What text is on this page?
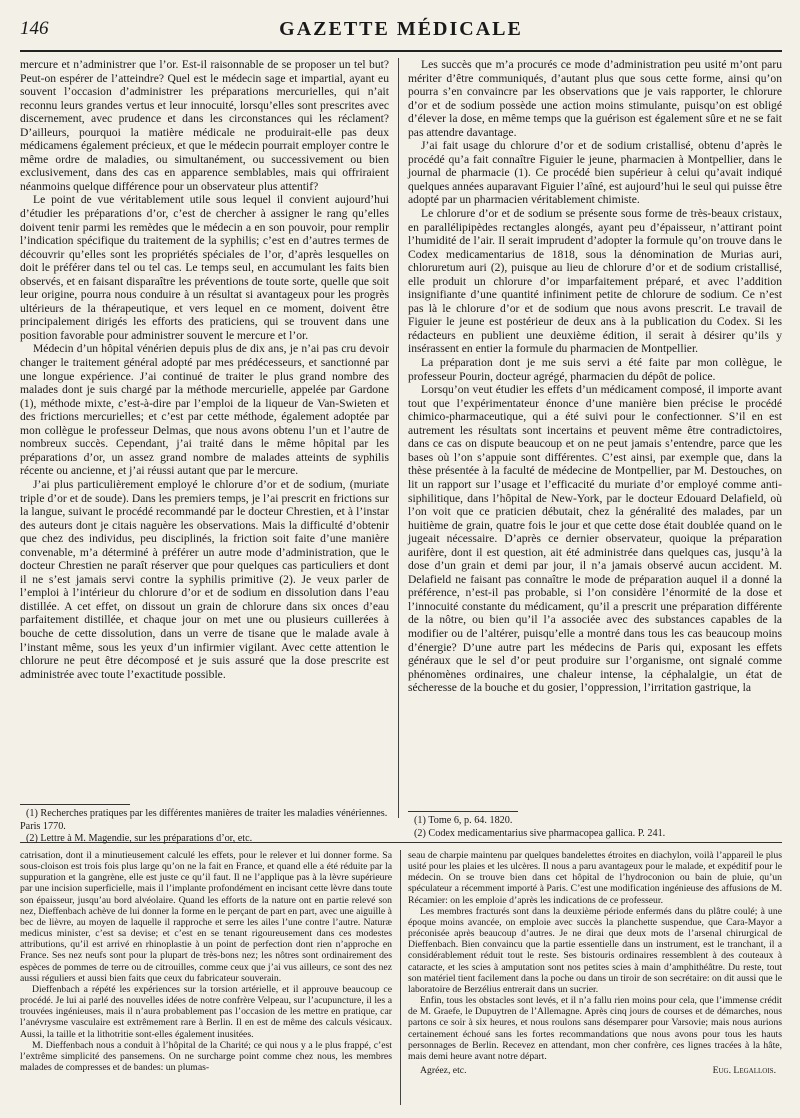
146	GAZETTE MÉDICALE

mercure et n’administrer que l’or. Est-il raisonnable de se proposer un tel but? Peut-on espérer de l’atteindre? Quel est le médecin sage et impartial, ayant eu souvent l’occasion d’administrer les préparations mercurielles, qui n’ait reconnu leurs grandes vertus et leur innocuité, lorsqu’elles sont prescrites avec discernement, avec prudence et dans les circonstances qui les réclament? D’ailleurs, pourquoi la matière médicale ne produirait-elle pas deux médicamens également précieux, et que le médecin pourrait employer contre le même ordre de maladies, ou simultanément, ou successivement ou bien exclusivement, dans des cas en apparence semblables, mais qui offriraient néanmoins quelque différence pour un observateur plus attentif?

Le point de vue véritablement utile sous lequel il convient aujourd’hui d’étudier les préparations d’or, c’est de chercher à assigner le rang qu’elles doivent tenir parmi les remèdes que le médecin a en son pouvoir, pour remplir l’indication spécifique du traitement de la syphilis; c’est en d’autres termes de découvrir qu’elles sont les propriétés spéciales de l’or, d’après lesquelles on doit le préférer dans tel ou tel cas. Le temps seul, en accumulant les faits bien observés, et en faisant disparaître les préventions de toute sorte, quelle que soit leur origine, pourra nous conduire à un résultat si avantageux pour les progrès ultérieurs de la thérapeutique, et vers lequel en ce moment, doivent être principalement dirigés les efforts des praticiens, qui se trouvent dans une position favorable pour administrer souvent le mercure et l’or.

Médecin d’un hôpital vénérien depuis plus de dix ans, je n’ai pas cru devoir changer le traitement général adopté par mes prédécesseurs, et sanctionné par une longue expérience. J’ai continué de traiter le plus grand nombre des malades dont je suis chargé par la méthode mercurielle, appelée par Gardone (1), méthode mixte, c’est-à-dire par l’emploi de la liqueur de Van-Swieten et des frictions mercurielles; et c’est par cette méthode, également adoptée par mon collègue le professeur Delmas, que nous avons obtenu l’un et l’autre de nombreux succès. Cependant, j’ai traité dans le même hôpital par les préparations d’or, un assez grand nombre de malades atteints de syphilis récente ou ancienne, et j’ai réussi autant que par le mercure.

J’ai plus particulièrement employé le chlorure d’or et de sodium, (muriate triple d’or et de soude). Dans les premiers temps, je l’ai prescrit en frictions sur la langue, suivant le procédé recommandé par le docteur Chrestien, et à l’instar des auteurs dont je citais naguère les observations. Mais la difficulté d’obtenir que chez des individus, peu disciplinés, la friction soit faite d’une manière convenable, m’a déterminé à préférer un autre mode d’administration, que le docteur Chrestien ne paraît réserver que pour quelques cas particuliers et dont il ne s’est jamais servi contre la syphilis primitive (2). Je veux parler de l’emploi à l’intérieur du chlorure d’or et de sodium en dissolution dans l’eau distillée. A cet effet, on dissout un grain de chlorure dans six onces d’eau parfaitement distillée, et chaque jour on met une ou plusieurs cuillerées à bouche de cette dissolution, dans un verre de tisane que le malade avale à l’instant même, sous les yeux d’un infirmier vigilant. Avec cette attention le chlorure ne peut être décomposé et je suis assuré que la dose prescrite est administrée avec toute l’exactitude possible.

Les succès que m’a procurés ce mode d’administration peu usité m’ont paru mériter d’être communiqués, d’autant plus que sous cette forme, ainsi qu’on pourra s’en convaincre par les observations que je vais rapporter, le chlorure d’or et de sodium possède une action moins stimulante, puisqu’on est obligé d’élever la dose, en même temps que la guérison est également sûre et ne se fait pas attendre davantage.

J’ai fait usage du chlorure d’or et de sodium cristallisé, obtenu d’après le procédé qu’a fait connaître Figuier le jeune, pharmacien à Montpellier, dans le journal de pharmacie (1). Ce procédé bien supérieur à celui qu’avait indiqué quelques années auparavant Figuier l’aîné, est aujourd’hui le seul qui puisse être adopté par un pharmacien véritablement chimiste.

Le chlorure d’or et de sodium se présente sous forme de très-beaux cristaux, en parallélipipèdes rectangles alongés, ayant peu d’épaisseur, n’attirant point l’humidité de l’air. Il serait imprudent d’adopter la formule qu’on trouve dans le Codex medicamentarius de 1818, sous la dénomination de Murias auri, chloruretum auri (2), puisque au lieu de chlorure d’or et de sodium cristallisé, elle produit un chlorure d’or imparfaitement préparé, et avec l’addition insignifiante d’une quantité infiniment petite de chlorure de sodium. Ce n’est pas là le chlorure d’or et de sodium que nous avons prescrit. Le travail de Figuier le jeune est postérieur de deux ans à la publication du Codex. Si les rédacteurs en publient une deuxième édition, il serait à désirer qu’ils y insérassent en entier la formule du pharmacien de Montpellier.

La préparation dont je me suis servi a été faite par mon collègue, le professeur Pourin, docteur agrégé, pharmacien du dépôt de police.

Lorsqu’on veut étudier les effets d’un médicament composé, il importe avant tout que l’expérimentateur énonce d’une manière bien précise le procédé chimico-pharmaceutique, qui a été suivi pour le confectionner. S’il en est autrement les résultats sont incertains et peuvent même être contradictoires, dans ce cas on dispute beaucoup et on ne peut jamais s’entendre, parce que les bases où l’on s’appuie sont différentes. C’est ainsi, par exemple que, dans la thèse présentée à la faculté de médecine de Montpellier, par M. Destouches, on lit un rapport sur l’usage et l’efficacité du muriate d’or employé comme anti-siphilitique, dans l’hôpital de New-York, par le docteur Edouard Delafield, où l’on voit que ce praticien débutait, chez la généralité des malades, par un huitième de grain, quatre fois le jour et que cette dose était doublée quand on le jugeait nécessaire. D’après ce dernier observateur, quoique la préparation aurifère, dont il est question, ait été administrée dans quelques cas, jusqu’à la dose d’un grain et demi par jour, il n’a jamais observé aucun accident. M. Delafield ne faisant pas connaître le mode de préparation auquel il a donné la préférence, n’est-il pas probable, si l’on considère l’énormité de la dose et l’innocuité constante du médicament, qu’il a prescrit une préparation différente de la nôtre, ou bien qu’il l’a associée avec des substances capables de la modifier ou de l’altérer, puisqu’elle a montré dans tous les cas beaucoup moins d’énergie? D’une autre part les médecins de Paris qui, exposant les effets généraux que le sel d’or peut produire sur l’organisme, ont signalé comme phénomènes ordinaires, une chaleur intense, la céphalalgie, un état de sécheresse de la bouche et du gosier, l’oppression, l’irritation gastrique, la

(1) Recherches pratiques par les différentes manières de traiter les maladies vénériennes. Paris 1770.
(2) Lettre à M. Magendie, sur les préparations d’or, etc.
(1) Tome 6, p. 64. 1820.
(2) Codex medicamentarius sive pharmacopea gallica. P. 241.

catrisation, dont il a minutieusement calculé les effets, pour le relever et lui donner forme. Sa sous-cloison est trois fois plus large qu’on ne la fait en France, et quand elle a été réduite par la suppuration et la gangrène, elle est juste ce qu’il faut. Il ne l’applique pas à la lèvre supérieure par une incision superficielle, mais il l’implante profondément en incisant cette lèvre dans toute son épaisseur, jusqu’au bord alvéolaire. Quand les efforts de la nature ont en partie relevé son nez, Dieffenbach achève de lui donner la forme en le perçant de part en part, avec une aiguille à bec de lièvre, au moyen de laquelle il rapproche et serre les ailes l’une contre l’autre. Naturæ medicus minister, c’est sa devise; et c’est en se tenant rigoureusement dans ces modestes attributions, qu’il est arrivé en rhinoplastie à un point de perfection dont rien n’approche en France. Ses nez neufs sont pour la plupart de très-bons nez; les nôtres sont ordinairement des espèces de pommes de terre ou de citrouilles, comme ceux que j’ai vus ailleurs, ce sont des nez aussi réguliers et aussi bien faits que ceux du fabricateur souverain.

Dieffenbach a répété les expériences sur la torsion artérielle, et il approuve beaucoup ce procédé. Je lui ai parlé des nouvelles idées de notre confrère Velpeau, sur l’acupuncture, il les a trouvées ingénieuses, mais il n’aura probablement pas l’occasion de les mettre en pratique, car l’anévrysme vasculaire est extrêmement rare à Berlin. Il en est de même des calculs vésicaux. Aussi, la taille et la lithotritie sont-elles également inusitées.

M. Dieffenbach nous a conduit à l’hôpital de la Charité; ce qui nous y a le plus frappé, c’est l’extrême simplicité des pansemens. On ne surcharge point comme chez nous, les membres malades de compresses et de bandes: un plumas-

seau de charpie maintenu par quelques bandelettes étroites en diachylon, voilà l’appareil le plus usité pour les plaies et les ulcères. Il nous a paru avantageux pour le malade, et expéditif pour le médecin. On se trouve bien dans cet hôpital de l’hydroconion ou bain de pluie, qu’un spéculateur a récemment importé à Paris. C’est une modification ingénieuse des affusions de M. Récamier: on les emploie d’après les indications de ce professeur.

Les membres fracturés sont dans la deuxième période enfermés dans du plâtre coulé; à une époque moins avancée, on emploie avec succès la planchette suspendue, que Cara-Mayor a préconisée après beaucoup d’autres. Je ne dirai que deux mots de l’arsenal chirurgical de Dieffenbach. Bien convaincu que la partie essentielle dans un instrument, est le tranchant, il a considérablement réduit tout le reste. Ses bistouris ordinaires ressemblent à des couteaux à cataracte, et les scies à amputation sont nos petites scies à main d’amphithéâtre. Du reste, tout son matériel tient facilement dans la poche ou dans un tiroir de son secrétaire: on dit aussi que le laboratoire de Berzélius entrerait dans un sucrier.

Enfin, tous les obstacles sont levés, et il n’a fallu rien moins pour cela, que l’immense crédit de M. Graefe, le Dupuytren de l’Allemagne. Après cinq jours de courses et de démarches, nous partons ce soir à six heures, et nous roulons sans désemparer pour Varsovie; mais nous aurions certainement échoué sans les fortes recommandations que nous avons pour tous les hauts personnages de Berlin. Recevez en attendant, mon cher confrère, ces lignes tracées à la hâte, mais demi heure avant notre départ.

Agréez, etc.	Eug. Legallois.
